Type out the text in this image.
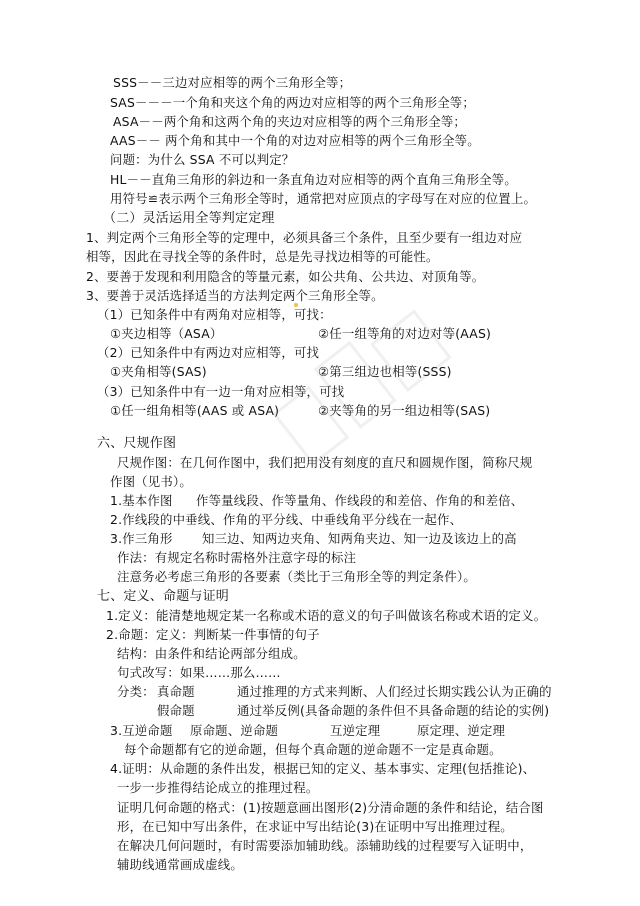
SSS－－三边对应相等的两个三角形全等；
SAS－－－一个角和夹这个角的两边对应相等的两个三角形全等；
ASA－－两个角和这两个角的夹边对应相等的两个三角形全等；
AAS－－ 两个角和其中一个角的对边对应相等的两个三角形全等。
问题：为什么 SSA 不可以判定？
HL－－直角三角形的斜边和一条直角边对应相等的两个直角三角形全等。
用符号≌表示两个三角形全等时，通常把对应顶点的字母写在对应的位置上。
（二）灵活运用全等判定定理
1、判定两个三角形全等的定理中，必须具备三个条件，且至少要有一组边对应
相等，因此在寻找全等的条件时，总是先寻找边相等的可能性。
2、要善于发现和利用隐含的等量元素，如公共角、公共边、对顶角等。
3、要善于灵活选择适当的方法判定两个三角形全等。
（1）已知条件中有两角对应相等，可找：
①夹边相等（ASA）	②任一组等角的对边对等(AAS)
（2）已知条件中有两边对应相等，可找
①夹角相等(SAS)	②第三组边也相等(SSS)
（3）已知条件中有一边一角对应相等，可找
①任一组角相等(AAS 或 ASA)	②夹等角的另一组边相等(SAS)
六、尺规作图
尺规作图：在几何作图中，我们把用没有刻度的直尺和圆规作图，简称尺规
作图（见书）。
1.基本作图 作等量线段、作等量角、作线段的和差倍、作角的和差倍、
2.作线段的中垂线、作角的平分线、中垂线角平分线在一起作、
3.作三角形 知三边、知两边夹角、知两角夹边、知一边及该边上的高
作法：有规定名称时需格外注意字母的标注
注意务必考虑三角形的各要素（类比于三角形全等的判定条件）。
七、定义、命题与证明
1.定义：能清楚地规定某一名称或术语的意义的句子叫做该名称或术语的定义。
2.命题：定义：判断某一件事情的句子
结构：由条件和结论两部分组成。
句式改写：如果……那么……
分类： 真命题	通过推理的方式来判断、人们经过长期实践公认为正确的
假命题	通过举反例(具备命题的条件但不具备命题的结论的实例)
3.互逆命题 原命题、逆命题	互逆定理	原定理、逆定理
每个命题都有它的逆命题，但每个真命题的逆命题不一定是真命题。
4.证明：从命题的条件出发，根据已知的定义、基本事实、定理(包括推论)、
一步一步推得结论成立的推理过程。
证明几何命题的格式：(1)按题意画出图形(2)分清命题的条件和结论，结合图
形，在已知中写出条件，在求证中写出结论(3)在证明中写出推理过程。
在解决几何问题时，有时需要添加辅助线。添辅助线的过程要写入证明中，
辅助线通常画成虚线。
